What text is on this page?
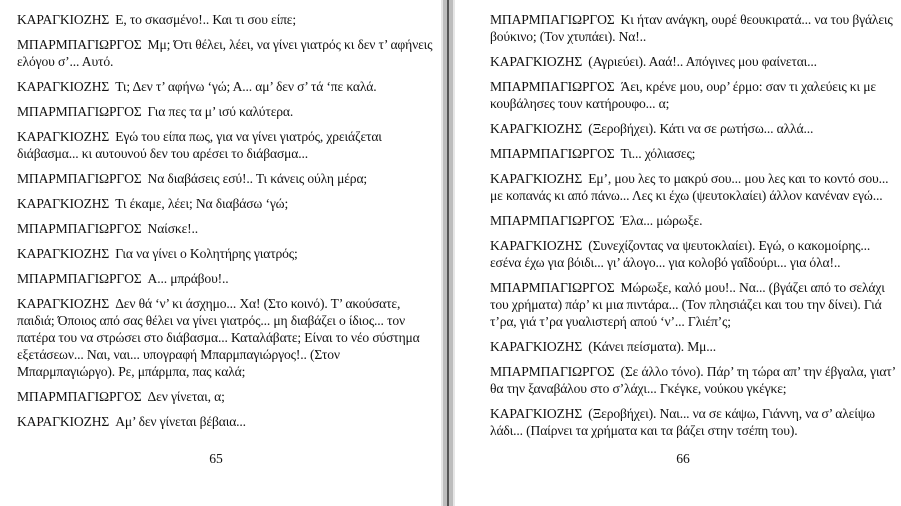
ΚΑΡΑΓΚΙΟΖΗΣ Ε, το σκασμένο!.. Και τι σου είπε;

ΜΠΑΡΜΠΑΓΙΩΡΓΟΣ Μμ; Ότι θέλει, λέει, να γίνει γιατρός κι δεν τ’ αφήνεις ελόγου σ’... Αυτό.

ΚΑΡΑΓΚΙΟΖΗΣ Τι; Δεν τ’ αφήνω ‘γώ; Α... αμ’ δεν σ’ τά ‘πε καλά.

ΜΠΑΡΜΠΑΓΙΩΡΓΟΣ Για πες τα μ’ ισύ καλύτερα.

ΚΑΡΑΓΚΙΟΖΗΣ Εγώ του είπα πως, για να γίνει γιατρός, χρειάζεται διάβασμα... κι αυτουνού δεν του αρέσει το διάβασμα...

ΜΠΑΡΜΠΑΓΙΩΡΓΟΣ Να διαβάσεις εσύ!.. Τι κάνεις ούλη μέρα;

ΚΑΡΑΓΚΙΟΖΗΣ Τι έκαμε, λέει; Να διαβάσω ‘γώ;

ΜΠΑΡΜΠΑΓΙΩΡΓΟΣ Ναίσκε!..

ΚΑΡΑΓΚΙΟΖΗΣ Για να γίνει ο Κολητήρης γιατρός;

ΜΠΑΡΜΠΑΓΙΩΡΓΟΣ Α... μπράβου!..

ΚΑΡΑΓΚΙΟΖΗΣ Δεν θά ‘ν’ κι άσχημο... Χα! (Στο κοινό). Τ’ ακούσατε, παιδιά; Όποιος από σας θέλει να γίνει γιατρός... μη διαβάζει ο ίδιος... τον πατέρα του να στρώσει στο διάβασμα... Καταλάβατε; Είναι το νέο σύστημα εξετάσεων... Ναι, ναι... υπογραφή Μπαρμπαγιώργος!.. (Στον Μπαρμπαγιώργο). Ρε, μπάρμπα, πας καλά;

ΜΠΑΡΜΠΑΓΙΩΡΓΟΣ Δεν γίνεται, α;

ΚΑΡΑΓΚΙΟΖΗΣ Αμ’ δεν γίνεται βέβαια...

65

ΜΠΑΡΜΠΑΓΙΩΡΓΟΣ Κι ήταν ανάγκη, ουρέ θεουκιρατά... να του βγάλεις βούκινο; (Τον χτυπάει). Να!..

ΚΑΡΑΓΚΙΟΖΗΣ (Αγριεύει). Ααά!.. Απόγινες μου φαίνεται...

ΜΠΑΡΜΠΑΓΙΩΡΓΟΣ Άει, κρένε μου, ουρ’ έρμο: σαν τι χαλεύεις κι με κουβάλησες τουν κατήρουφο... α;

ΚΑΡΑΓΚΙΟΖΗΣ (Ξεροβήχει). Κάτι να σε ρωτήσω... αλλά...

ΜΠΑΡΜΠΑΓΙΩΡΓΟΣ Τι... χόλιασες;

ΚΑΡΑΓΚΙΟΖΗΣ Εμ’, μου λες το μακρύ σου... μου λες και το κοντό σου... με κοπανάς κι από πάνω... Λες κι έχω (ψευτοκλαίει) άλλον κανέναν εγώ...

ΜΠΑΡΜΠΑΓΙΩΡΓΟΣ Έλα... μώρωξε.

ΚΑΡΑΓΚΙΟΖΗΣ (Συνεχίζοντας να ψευτοκλαίει). Εγώ, ο κακομοίρης... εσένα έχω για βόιδι... γι’ άλογο... για κολοβό γαΐδούρι... για όλα!..

ΜΠΑΡΜΠΑΓΙΩΡΓΟΣ Μώρωξε, καλό μου!.. Να... (βγάζει από το σελάχι του χρήματα) πάρ’ κι μια πιντάρα... (Τον πλησιάζει και του την δίνει). Γιά τ’ρα, γιά τ’ρα γυαλιστερή απού ‘ν’... Γλιέπ’ς;

ΚΑΡΑΓΚΙΟΖΗΣ (Κάνει πείσματα). Μμ...

ΜΠΑΡΜΠΑΓΙΩΡΓΟΣ (Σε άλλο τόνο). Πάρ’ τη τώρα απ’ την έβγαλα, γιατ’ θα την ξαναβάλου στο σ’λάχι... Γκέγκε, νούκου γκέγκε;

ΚΑΡΑΓΚΙΟΖΗΣ (Ξεροβήχει). Ναι... να σε κάψω, Γιάννη, να σ’ αλείψω λάδι... (Παίρνει τα χρήματα και τα βάζει στην τσέπη του).

66
